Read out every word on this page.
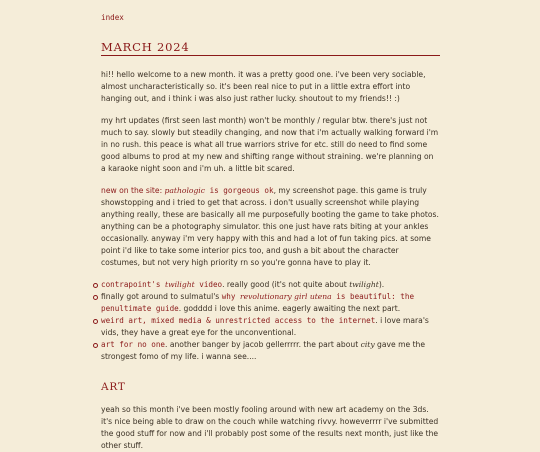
index
MARCH 2024

hi!! hello welcome to a new month. it was a pretty good one. i've been very sociable, almost uncharacteristically so. it's been real nice to put in a little extra effort into hanging out, and i think i was also just rather lucky. shoutout to my friends!! :)

my hrt updates (first seen last month) won't be monthly / regular btw. there's just not much to say. slowly but steadily changing, and now that i'm actually walking forward i'm in no rush. this peace is what all true warriors strive for etc. still do need to find some good albums to prod at my new and shifting range without straining. we're planning on a karaoke night soon and i'm uh. a little bit scared.

new on the site: pathologic is gorgeous ok, my screenshot page. this game is truly showstopping and i tried to get that across. i don't usually screenshot while playing anything really, these are basically all me purposefully booting the game to take photos. anything can be a photography simulator. this one just have rats biting at your ankles occasionally. anyway i'm very happy with this and had a lot of fun taking pics. at some point i'd like to take some interior pics too, and gush a bit about the character costumes, but not very high priority rn so you're gonna have to play it.

contrapoint's twilight video. really good (it's not quite about twilight).
finally got around to sulmatul's why revolutionary girl utena is beautiful: the penultimate guide. godddd i love this anime. eagerly awaiting the next part.
weird art, mixed media & unrestricted access to the internet. i love mara's vids, they have a great eye for the unconventional.
art for no one. another banger by jacob gellerrrrr. the part about city gave me the strongest fomo of my life. i wanna see....
ART

yeah so this month i've been mostly fooling around with new art academy on the 3ds. it's nice being able to draw on the couch while watching rivvy. howeverrrr i've submitted the good stuff for now and i'll probably post some of the results next month, just like the other stuff.
